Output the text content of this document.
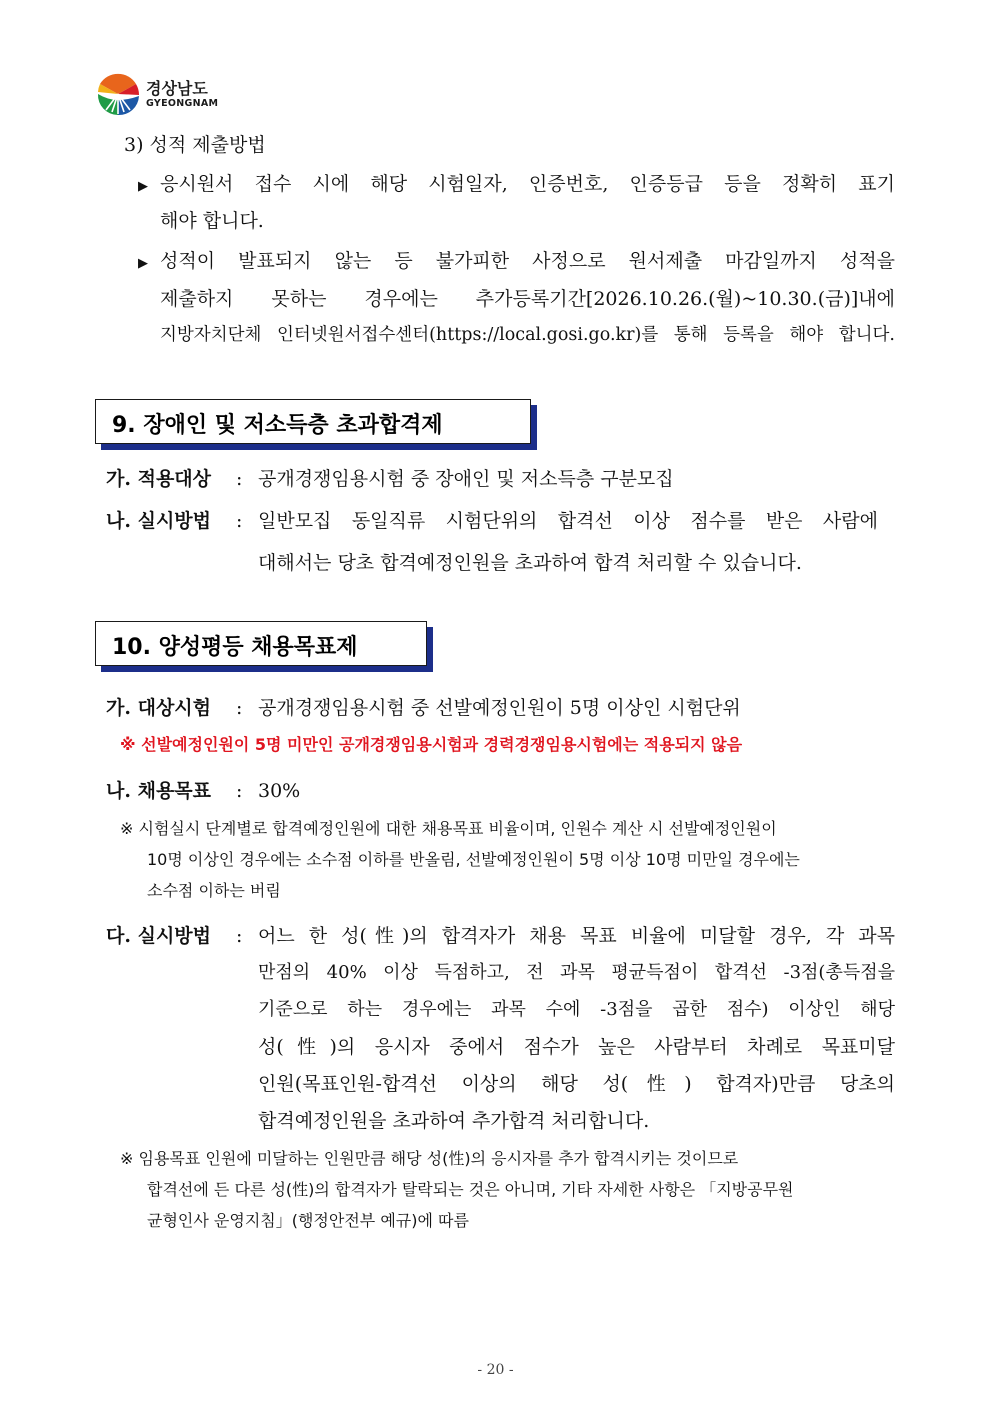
경상남도
GYEONGNAM
3) 성적 제출방법
▶ 응시원서 접수 시에 해당 시험일자, 인증번호, 인증등급 등을 정확히 표기
해야 합니다.
▶ 성적이 발표되지 않는 등 불가피한 사정으로 원서제출 마감일까지 성적을
제출하지 못하는 경우에는 추가등록기간[2026.10.26.(월)~10.30.(금)]내에
지방자치단체 인터넷원서접수센터(https://local.gosi.go.kr)를 통해 등록을 해야 합니다.
9. 장애인 및 저소득층 초과합격제
가. 적용대상 : 공개경쟁임용시험 중 장애인 및 저소득층 구분모집
나. 실시방법 : 일반모집 동일직류 시험단위의 합격선 이상 점수를 받은 사람에
대해서는 당초 합격예정인원을 초과하여 합격 처리할 수 있습니다.
10. 양성평등 채용목표제
가. 대상시험 : 공개경쟁임용시험 중 선발예정인원이 5명 이상인 시험단위
※ 선발예정인원이 5명 미만인 공개경쟁임용시험과 경력경쟁임용시험에는 적용되지 않음
나. 채용목표 : 30%
※ 시험실시 단계별로 합격예정인원에 대한 채용목표 비율이며, 인원수 계산 시 선발예정인원이
10명 이상인 경우에는 소수점 이하를 반올림, 선발예정인원이 5명 이상 10명 미만일 경우에는
소수점 이하는 버림
다. 실시방법 : 어느 한 성(性)의 합격자가 채용 목표 비율에 미달할 경우, 각 과목
만점의 40% 이상 득점하고, 전 과목 평균득점이 합격선 -3점(총득점을
기준으로 하는 경우에는 과목 수에 -3점을 곱한 점수) 이상인 해당
성(性)의 응시자 중에서 점수가 높은 사람부터 차례로 목표미달
인원(목표인원-합격선 이상의 해당 성(性) 합격자)만큼 당초의
합격예정인원을 초과하여 추가합격 처리합니다.
※ 임용목표 인원에 미달하는 인원만큼 해당 성(性)의 응시자를 추가 합격시키는 것이므로
합격선에 든 다른 성(性)의 합격자가 탈락되는 것은 아니며, 기타 자세한 사항은 「지방공무원
균형인사 운영지침」(행정안전부 예규)에 따름
- 20 -
